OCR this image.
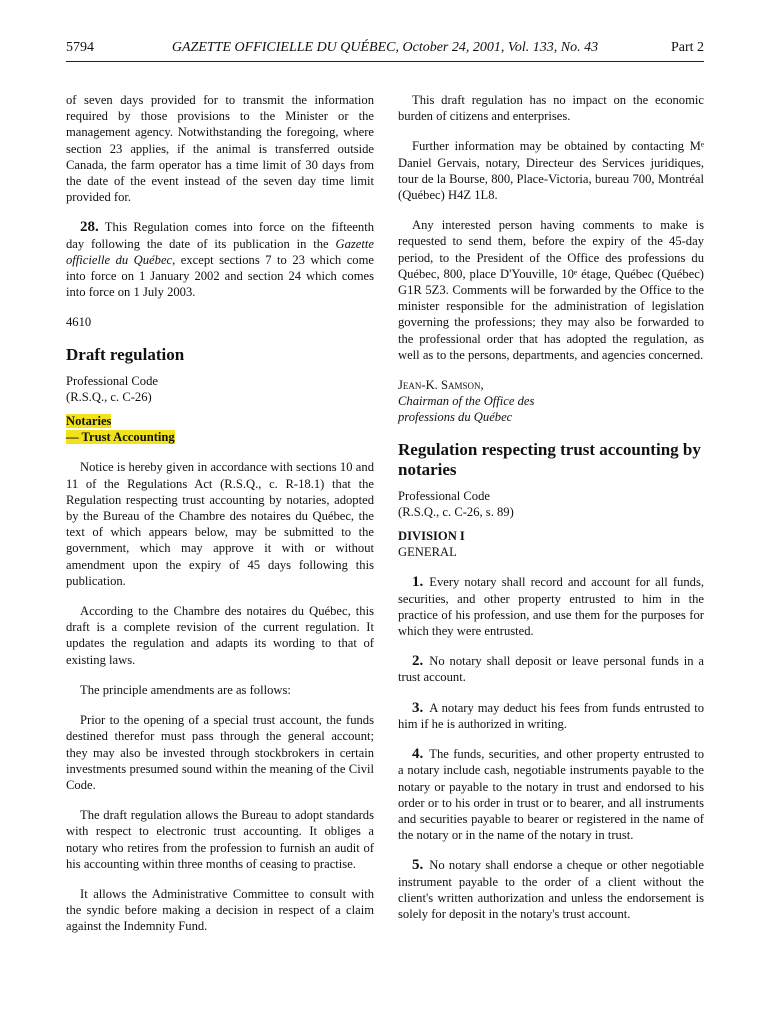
5794	GAZETTE OFFICIELLE DU QUÉBEC, October 24, 2001, Vol. 133, No. 43	Part 2

of seven days provided for to transmit the information required by those provisions to the Minister or the management agency. Notwithstanding the foregoing, where section 23 applies, if the animal is transferred outside Canada, the farm operator has a time limit of 30 days from the date of the event instead of the seven day time limit provided for.

28. This Regulation comes into force on the fifteenth day following the date of its publication in the Gazette officielle du Québec, except sections 7 to 23 which come into force on 1 January 2002 and section 24 which comes into force on 1 July 2003.

4610

Draft regulation

Professional Code

(R.S.Q., c. C-26)

Notaries

— Trust Accounting

Notice is hereby given in accordance with sections 10 and 11 of the Regulations Act (R.S.Q., c. R-18.1) that the Regulation respecting trust accounting by notaries, adopted by the Bureau of the Chambre des notaires du Québec, the text of which appears below, may be submitted to the government, which may approve it with or without amendment upon the expiry of 45 days following this publication.

According to the Chambre des notaires du Québec, this draft is a complete revision of the current regulation. It updates the regulation and adapts its wording to that of existing laws.

The principle amendments are as follows:

Prior to the opening of a special trust account, the funds destined therefor must pass through the general account; they may also be invested through stockbrokers in certain investments presumed sound within the meaning of the Civil Code.

The draft regulation allows the Bureau to adopt standards with respect to electronic trust accounting. It obliges a notary who retires from the profession to furnish an audit of his accounting within three months of ceasing to practise.

It allows the Administrative Committee to consult with the syndic before making a decision in respect of a claim against the Indemnity Fund.

This draft regulation has no impact on the economic burden of citizens and enterprises.

Further information may be obtained by contacting Mᵉ Daniel Gervais, notary, Directeur des Services juridiques, tour de la Bourse, 800, Place-Victoria, bureau 700, Montréal (Québec) H4Z 1L8.

Any interested person having comments to make is requested to send them, before the expiry of the 45-day period, to the President of the Office des professions du Québec, 800, place D'Youville, 10ᵉ étage, Québec (Québec) G1R 5Z3. Comments will be forwarded by the Office to the minister responsible for the administration of legislation governing the professions; they may also be forwarded to the professional order that has adopted the regulation, as well as to the persons, departments, and agencies concerned.

Jean-K. Samson,

Chairman of the Office des

professions du Québec

Regulation respecting trust accounting by notaries

Professional Code

(R.S.Q., c. C-26, s. 89)

DIVISION I

GENERAL

1. Every notary shall record and account for all funds, securities, and other property entrusted to him in the practice of his profession, and use them for the purposes for which they were entrusted.

2. No notary shall deposit or leave personal funds in a trust account.

3. A notary may deduct his fees from funds entrusted to him if he is authorized in writing.

4. The funds, securities, and other property entrusted to a notary include cash, negotiable instruments payable to the notary or payable to the notary in trust and endorsed to his order or to his order in trust or to bearer, and all instruments and securities payable to bearer or registered in the name of the notary or in the name of the notary in trust.

5. No notary shall endorse a cheque or other negotiable instrument payable to the order of a client without the client's written authorization and unless the endorsement is solely for deposit in the notary's trust account.
